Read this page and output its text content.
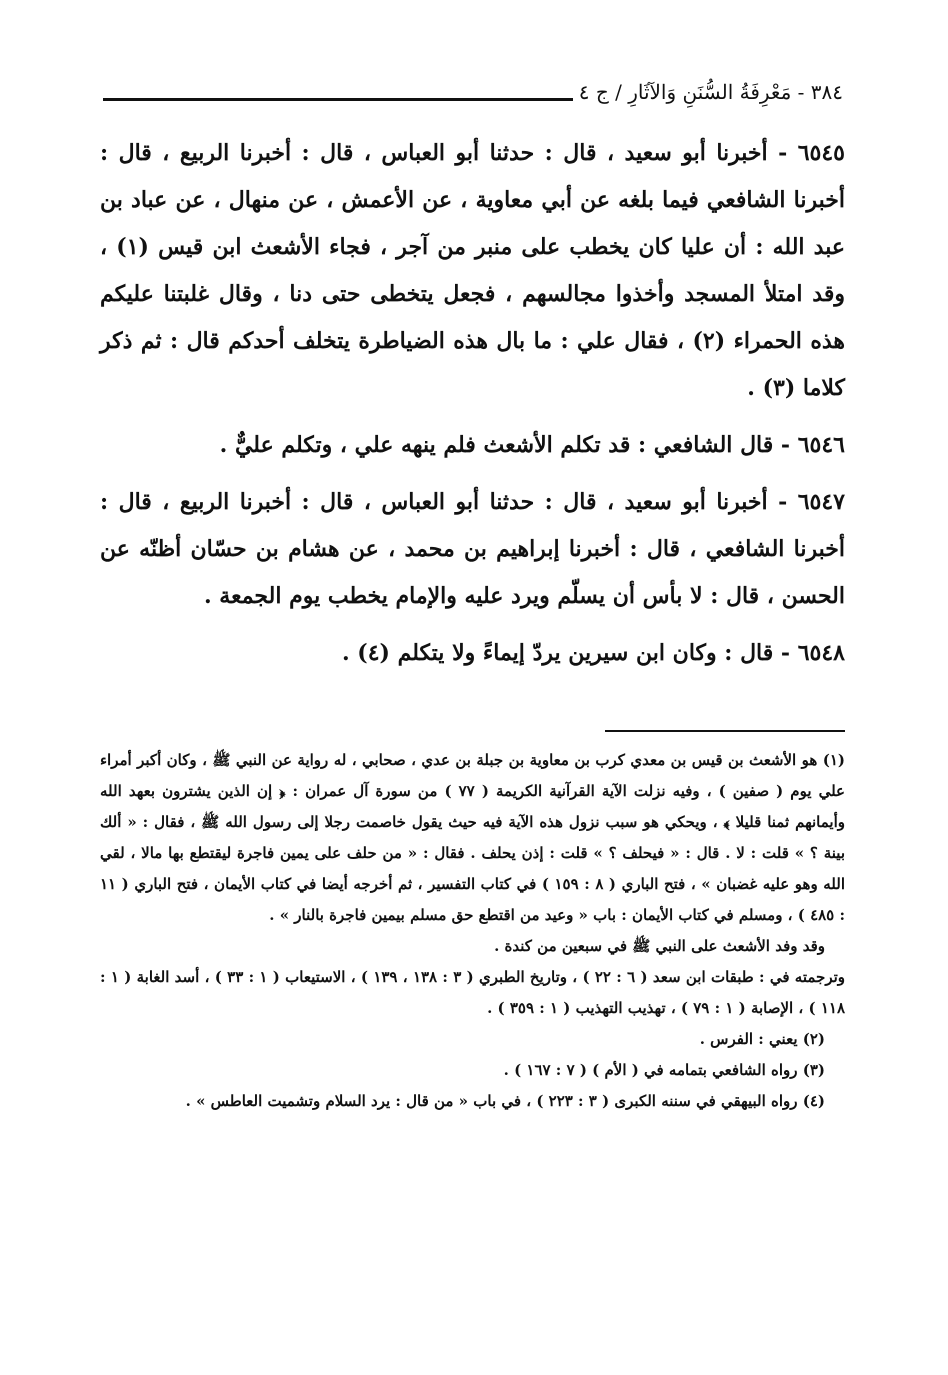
٣٨٤ - مَعْرِفَةُ السُّنَنِ وَالآثَارِ / ج ٤

٦٥٤٥ - أخبرنا أبو سعيد ، قال : حدثنا أبو العباس ، قال : أخبرنا الربيع ، قال : أخبرنا الشافعي فيما بلغه عن أبي معاوية ، عن الأعمش ، عن منهال ، عن عباد بن عبد الله : أن عليا كان يخطب على منبر من آجر ، فجاء الأشعث ابن قيس (١) ، وقد امتلأ المسجد وأخذوا مجالسهم ، فجعل يتخطى حتى دنا ، وقال غلبتنا عليكم هذه الحمراء (٢) ، فقال علي : ما بال هذه الضياطرة يتخلف أحدكم قال : ثم ذكر كلاما (٣) .

٦٥٤٦ - قال الشافعي : قد تكلم الأشعث فلم ينهه علي ، وتكلم عليٌّ .

٦٥٤٧ - أخبرنا أبو سعيد ، قال : حدثنا أبو العباس ، قال : أخبرنا الربيع ، قال : أخبرنا الشافعي ، قال : أخبرنا إبراهيم بن محمد ، عن هشام بن حسّان أظنّه عن الحسن ، قال : لا بأس أن يسلّم ويرد عليه والإمام يخطب يوم الجمعة .

٦٥٤٨ - قال : وكان ابن سيرين يردّ إيماءً ولا يتكلم (٤) .

(١) هو الأشعث بن قيس بن معدي كرب بن معاوية بن جبلة بن عدي ، صحابي ، له رواية عن النبي ﷺ ، وكان أكبر أمراء علي يوم ( صفين ) ، وفيه نزلت الآية القرآنية الكريمة ( ٧٧ ) من سورة آل عمران : ﴿ إن الذين يشترون بعهد الله وأيمانهم ثمنا قليلا ﴾ ، ويحكي هو سبب نزول هذه الآية فيه حيث يقول خاصمت رجلا إلى رسول الله ﷺ ، فقال : « ألك بينة ؟ » قلت : لا . قال : « فيحلف ؟ » قلت : إذن يحلف . فقال : « من حلف على يمين فاجرة ليقتطع بها مالا ، لقي الله وهو عليه غضبان » ، فتح الباري ( ٨ : ١٥٩ ) في كتاب التفسير ، ثم أخرجه أيضا في كتاب الأيمان ، فتح الباري ( ١١ : ٤٨٥ ) ، ومسلم في كتاب الأيمان : باب « وعيد من اقتطع حق مسلم بيمين فاجرة بالنار » .

وقد وفد الأشعث على النبي ﷺ في سبعين من كندة .

وترجمته في : طبقات ابن سعد ( ٦ : ٢٢ ) ، وتاريخ الطبري ( ٣ : ١٣٨ ، ١٣٩ ) ، الاستيعاب ( ١ : ٣٣ ) ، أسد الغابة ( ١ : ١١٨ ) ، الإصابة ( ١ : ٧٩ ) ، تهذيب التهذيب ( ١ : ٣٥٩ ) .

(٢) يعني : الفرس .

(٣) رواه الشافعي بتمامه في ( الأم ) ( ٧ : ١٦٧ ) .

(٤) رواه البيهقي في سننه الكبرى ( ٣ : ٢٢٣ ) ، في باب « من قال : يرد السلام وتشميت العاطس » .
